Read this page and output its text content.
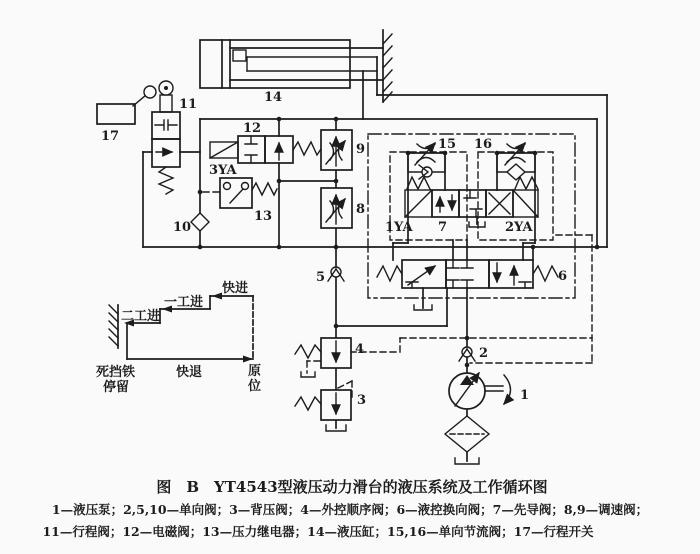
快进
一工进
二工进
快退	原
位
死挡铁
停留
17
11
12
3YA
13
10
9
8
14
5
15 16
1YA 7	2YA
6
4
3
2
1
图　B　YT4543型液压动力滑台的液压系统及工作循环图
1—液压泵；2,5,10—单向阀；3—背压阀；4—外控顺序阀；6—液控换向阀；7—先导阀；8,9—调速阀；
11—行程阀；12—电磁阀；13—压力继电器；14—液压缸；15,16—单向节流阀；17—行程开关
